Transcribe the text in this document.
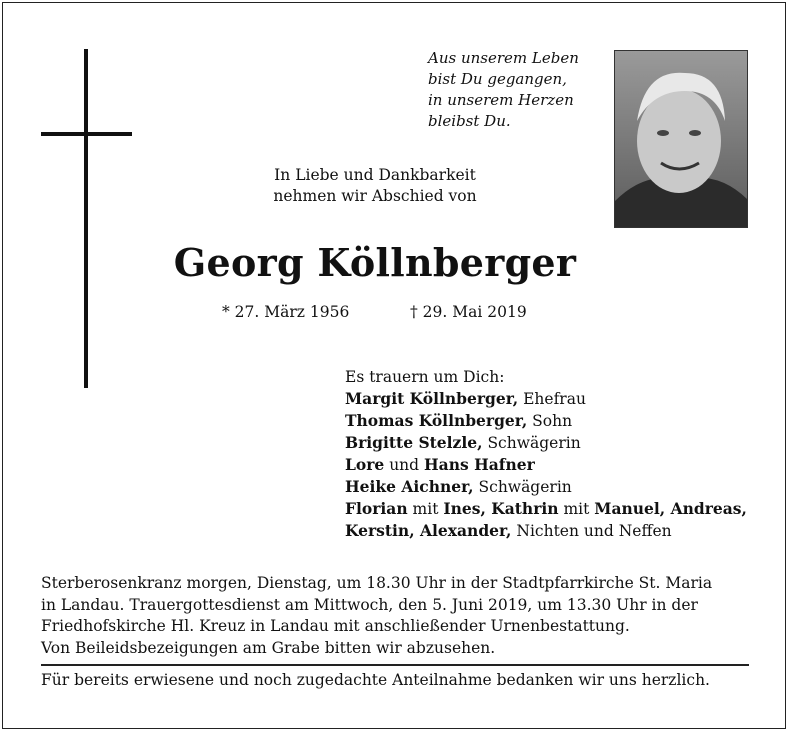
Aus unserem Leben
bist Du gegangen,
in unserem Herzen
bleibst Du.
In Liebe und Dankbarkeit
nehmen wir Abschied von
Georg Köllnberger
* 27. März 1956	† 29. Mai 2019
Es trauern um Dich:
Margit Köllnberger, Ehefrau
Thomas Köllnberger, Sohn
Brigitte Stelzle, Schwägerin
Lore und Hans Hafner
Heike Aichner, Schwägerin
Florian mit Ines, Kathrin mit Manuel, Andreas,
Kerstin, Alexander, Nichten und Neffen
Sterberosenkranz morgen, Dienstag, um 18.30 Uhr in der Stadtpfarrkirche St. Maria
in Landau. Trauergottesdienst am Mittwoch, den 5. Juni 2019, um 13.30 Uhr in der
Friedhofskirche Hl. Kreuz in Landau mit anschließender Urnenbestattung.
Von Beileidsbezeigungen am Grabe bitten wir abzusehen.
Für bereits erwiesene und noch zugedachte Anteilnahme bedanken wir uns herzlich.
